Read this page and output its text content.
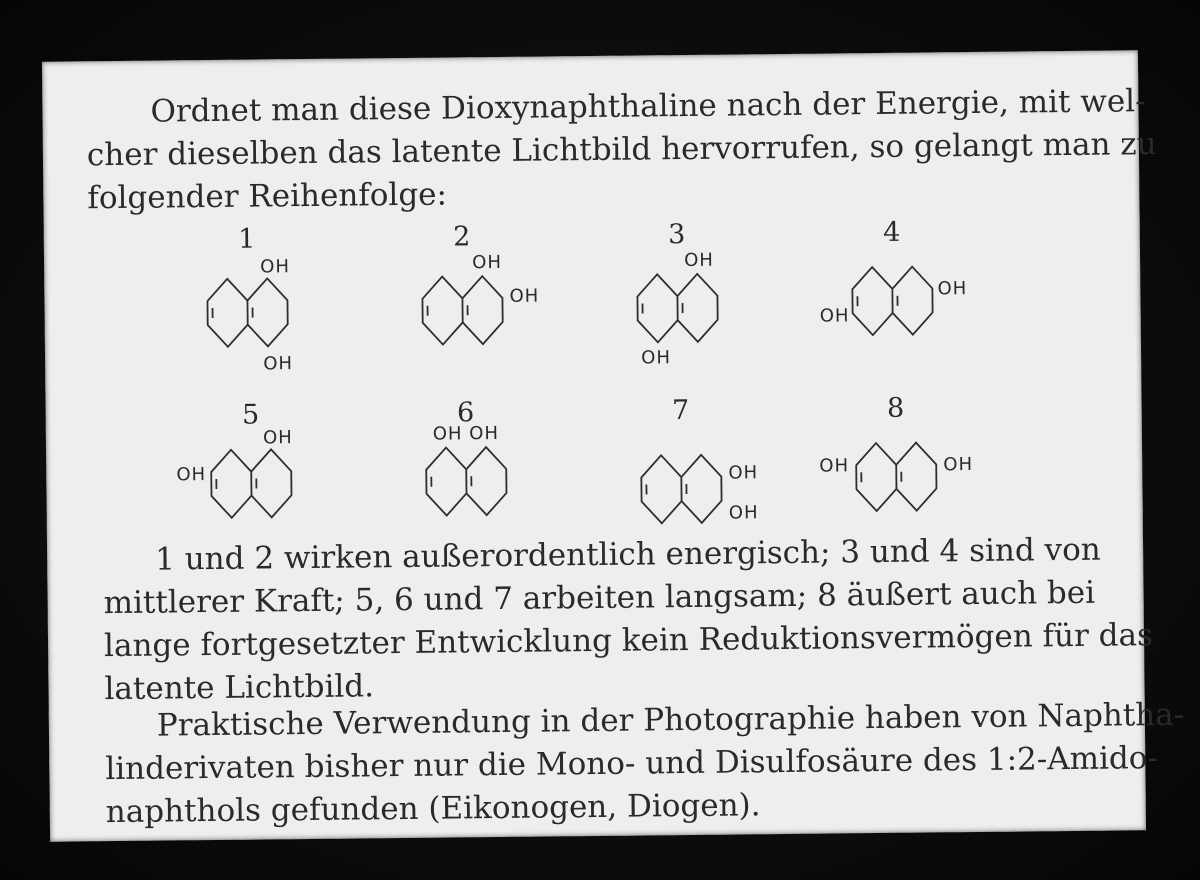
Ordnet man diese Dioxynaphthaline nach der Energie, mit wel-
cher dieselben das latente Lichtbild hervorrufen, so gelangt man zu
folgender Reihenfolge:
1
OH
OH
2
OH
OH
3
OH
OH
4
OH
OH
5
OH
OH
6
OH OH
7
OH
OH
8
OH	OH
1 und 2 wirken außerordentlich energisch; 3 und 4 sind von
mittlerer Kraft; 5, 6 und 7 arbeiten langsam; 8 äußert auch bei
lange fortgesetzter Entwicklung kein Reduktionsvermögen für das
latente Lichtbild.
Praktische Verwendung in der Photographie haben von Naphtha-
linderivaten bisher nur die Mono- und Disulfosäure des 1:2-Amido-
naphthols gefunden (Eikonogen, Diogen).
